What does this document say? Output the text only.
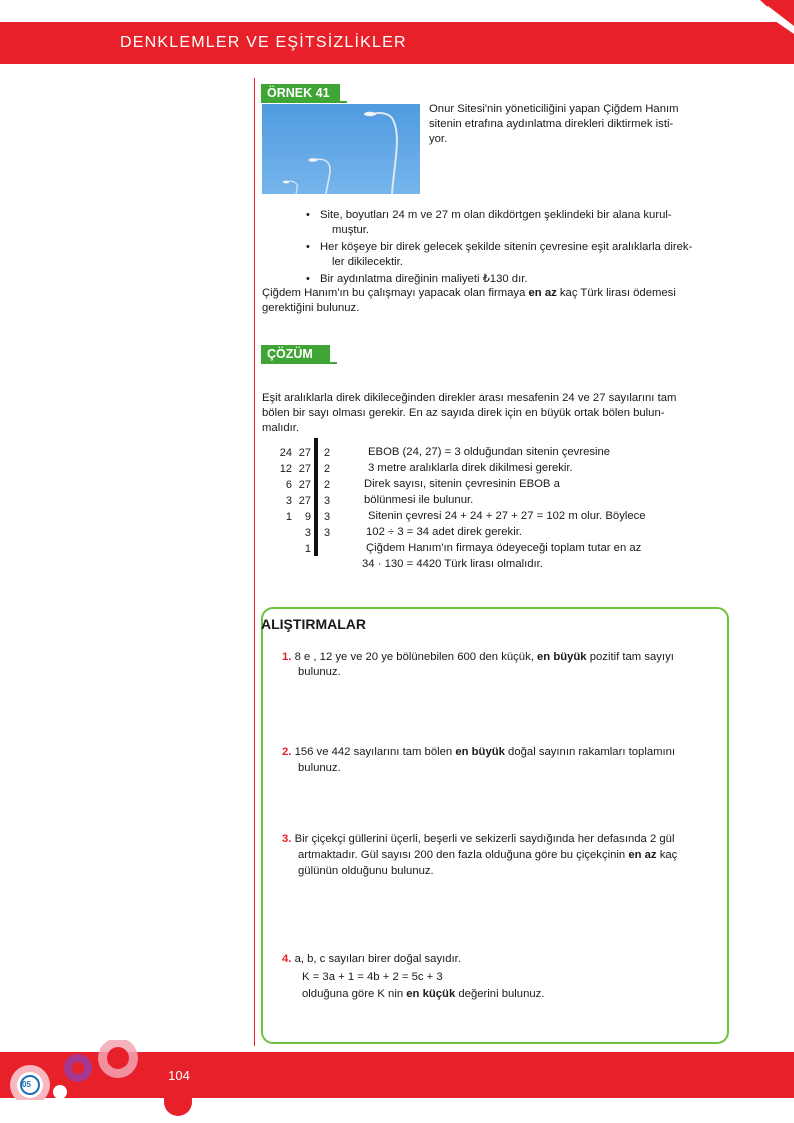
DENKLEMLER VE EŞİTSİZLİKLER
ÖRNEK 41
Onur Sitesi'nin yöneticiliğini yapan Çiğdem Hanım
sitenin etrafına aydınlatma direkleri diktirmek isti-
yor.
• Site, boyutları 24 m ve 27 m olan dikdörtgen şeklindeki bir alana kurul-
muştur.
• Her köşeye bir direk gelecek şekilde sitenin çevresine eşit aralıklarla direk-
ler dikilecektir.
• Bir aydınlatma direğinin maliyeti ₺130 dır.
Çiğdem Hanım'ın bu çalışmayı yapacak olan firmaya en az kaç Türk lirası ödemesi
gerektiğini bulunuz.
ÇÖZÜM
Eşit aralıklarla direk dikileceğinden direkler arası mesafenin 24 ve 27 sayılarını tam
bölen bir sayı olması gerekir. En az sayıda direk için en büyük ortak bölen bulun-
malıdır.
24
12
6
3
1
27
27
27
27
9
3
1
2
2
2
3
3
3
EBOB (24, 27) = 3 olduğundan sitenin çevresine
3 metre aralıklarla direk dikilmesi gerekir.
Direk sayısı, sitenin çevresinin EBOB a
bölünmesi ile bulunur.
Sitenin çevresi 24 + 24 + 27 + 27 = 102 m olur. Böylece
102 ÷ 3 = 34 adet direk gerekir.
Çiğdem Hanım'ın firmaya ödeyeceği toplam tutar en az
34 · 130 = 4420 Türk lirası olmalıdır.
ALIŞTIRMALAR
1. 8 e , 12 ye ve 20 ye bölünebilen 600 den küçük, en büyük pozitif tam sayıyı
bulunuz.
2. 156 ve 442 sayılarını tam bölen en büyük doğal sayının rakamları toplamını
bulunuz.
3. Bir çiçekçi güllerini üçerli, beşerli ve sekizerli saydığında her defasında 2 gül
artmaktadır. Gül sayısı 200 den fazla olduğuna göre bu çiçekçinin en az kaç
gülünün olduğunu bulunuz.
4. a, b, c sayıları birer doğal sayıdır.
K = 3a + 1 = 4b + 2 = 5c + 3
olduğuna göre K nin en küçük değerini bulunuz.
05
104
